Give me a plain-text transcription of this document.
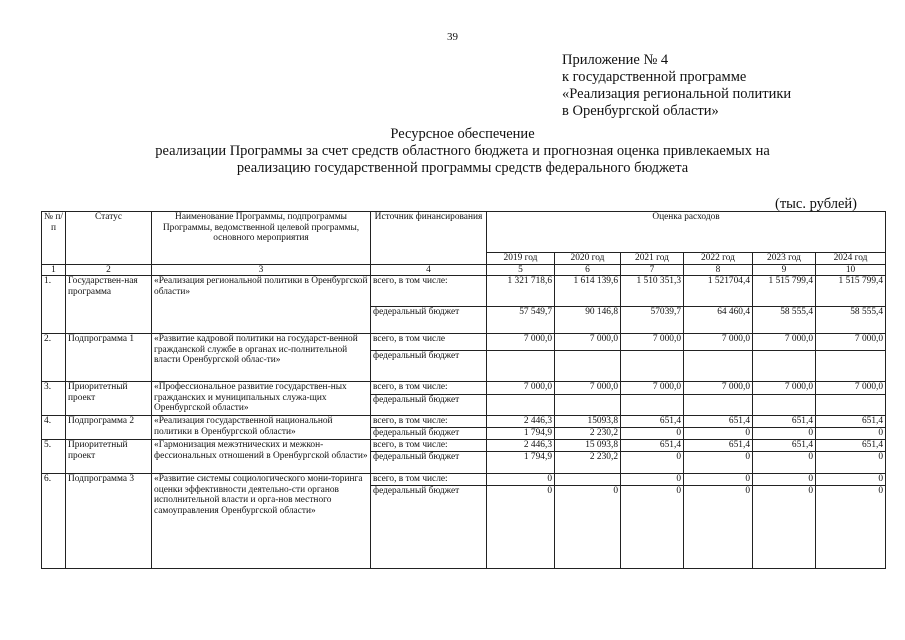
39
Приложение № 4
к государственной программе
«Реализация региональной политики
в Оренбургской области»
Ресурсное обеспечение
реализации Программы за счет средств областного бюджета и прогнозная оценка привлекаемых на
реализацию государственной программы средств федерального бюджета
(тыс. рублей)
№ п/п	Статус	Наименование Программы, подпрограммы Программы, ведомственной целевой программы, основного мероприятия	Источник финансирования	Оценка расходов					
				2019 год	2020 год	2021 год	2022 год	2023 год	2024 год
1	2	3	4	5	6	7	8	9	10
1.	Государствен-ная программа	«Реализация региональной политики в Оренбургской области»	всего, в том числе:	1 321 718,6	1 614 139,6	1 510 351,3	1 521704,4	1 515 799,4	1 515 799,4
			федеральный бюджет	57 549,7	90 146,8	57039,7	64 460,4	58 555,4	58 555,4
2.	Подпрограмма 1	«Развитие кадровой политики на государст-венной гражданской службе в органах ис-полнительной власти Оренбургской облас-ти»	всего, в том числе	7 000,0	7 000,0	7 000,0	7 000,0	7 000,0	7 000,0
			федеральный бюджет						
3.	Приоритетный проект	«Профессиональное развитие государствен-ных гражданских и муниципальных служа-щих Оренбургской области»	всего, в том числе:	7 000,0	7 000,0	7 000,0	7 000,0	7 000,0	7 000,0
			федеральный бюджет						
4.	Подпрограмма 2	«Реализация государственной национальной политики в Оренбургской области»	всего, в том числе:	2 446,3	15093,8	651,4	651,4	651,4	651,4
			федеральный бюджет	1 794,9	2 230,2	0	0	0	0
5.	Приоритетный проект	«Гармонизация межэтнических и межкон-фессиональных отношений в Оренбургской области»	всего, в том числе:	2 446,3	15 093,8	651,4	651,4	651,4	651,4
			федеральный бюджет	1 794,9	2 230,2	0	0	0	0
6.	Подпрограмма 3	«Развитие системы социологического мони-торинга оценки эффективности деятельно-сти органов исполнительной власти и орга-нов местного самоуправления Оренбургской области»	всего, в том числе:	0		0	0	0	0
			федеральный бюджет	0	0	0	0	0	0
